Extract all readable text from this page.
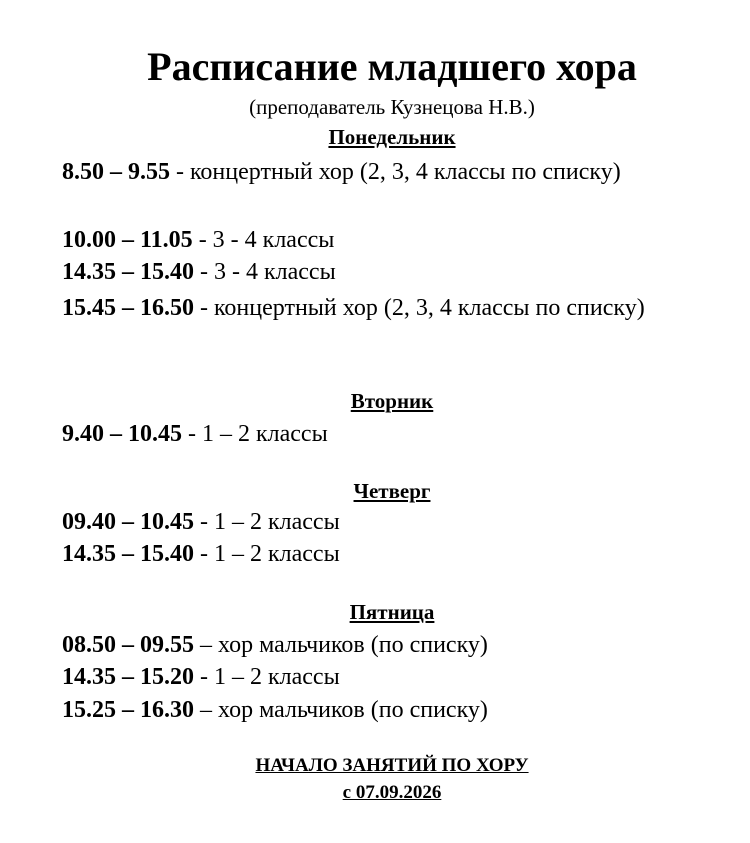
Расписание младшего хора
(преподаватель Кузнецова Н.В.)
Понедельник
8.50 – 9.55 - концертный хор (2, 3, 4 классы по списку)
10.00 – 11.05 - 3 - 4 классы
14.35 – 15.40 - 3 - 4 классы
15.45 – 16.50 - концертный хор (2, 3, 4 классы по списку)
Вторник
9.40 – 10.45 - 1 – 2 классы
Четверг
09.40 – 10.45 - 1 – 2 классы
14.35 – 15.40 - 1 – 2 классы
Пятница
08.50 – 09.55 – хор мальчиков (по списку)
14.35 – 15.20 - 1 – 2 классы
15.25 – 16.30 – хор мальчиков (по списку)
НАЧАЛО ЗАНЯТИЙ ПО ХОРУ
с 07.09.2026
